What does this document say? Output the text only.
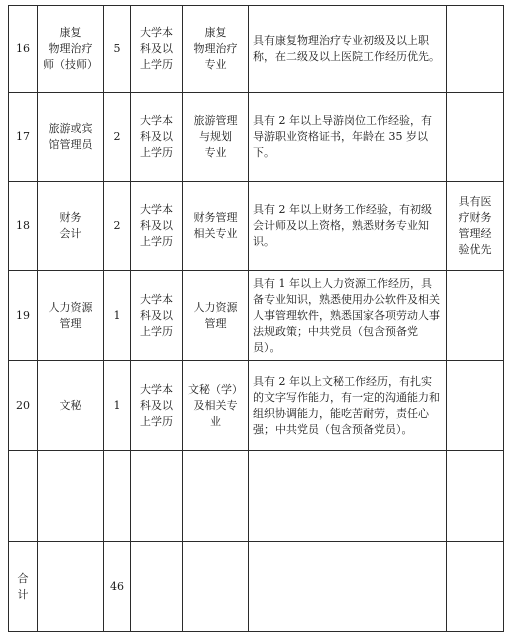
16
康复
物理治疗
师（技师）
5
大学本
科及以
上学历
康复
物理治疗
专业
具有康复物理治疗专业初级及以上职称，在二级及以上医院工作经历优先。
17
旅游或宾
馆管理员
2
大学本
科及以
上学历
旅游管理
与规划
专业
具有 2 年以上导游岗位工作经验，有导游职业资格证书，年龄在 35 岁以下。
18
财务
会计
2
大学本
科及以
上学历
财务管理
相关专业
具有 2 年以上财务工作经验，有初级会计师及以上资格，熟悉财务专业知识。
具有医
疗财务
管理经
验优先
19
人力资源
管理
1
大学本
科及以
上学历
人力资源
管理
具有 1 年以上人力资源工作经历，具备专业知识，熟悉使用办公软件及相关人事管理软件，熟悉国家各项劳动人事法规政策；中共党员（包含预备党员）。
20	文秘	1
大学本
科及以
上学历
文秘（学）
及相关专
业
具有 2 年以上文秘工作经历，有扎实的文字写作能力，有一定的沟通能力和组织协调能力，能吃苦耐劳，责任心强；中共党员（包含预备党员）。
合
计
46
